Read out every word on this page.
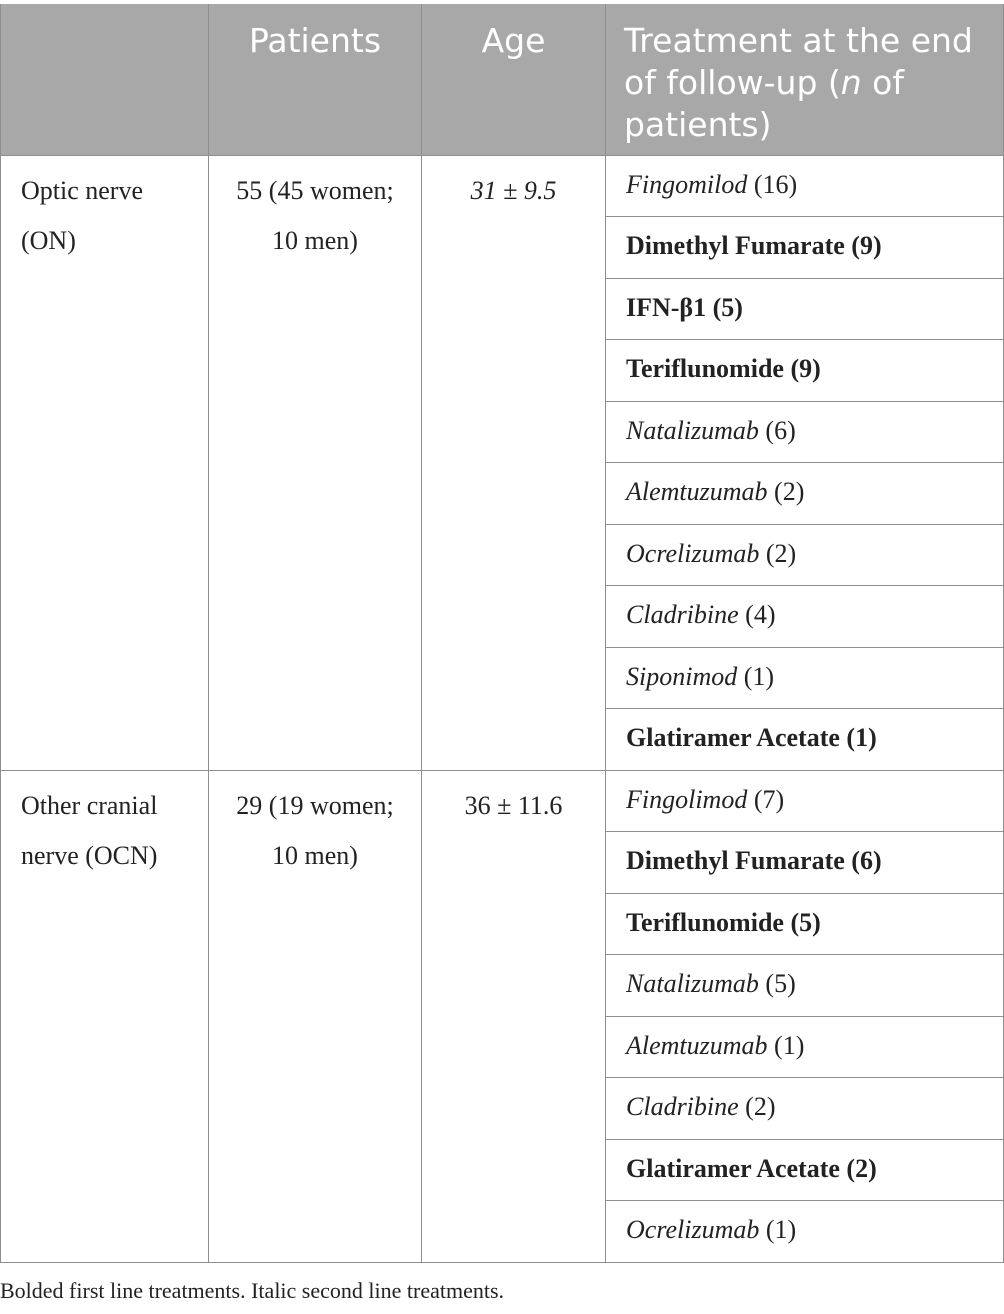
	Patients	Age	Treatment at the end of follow-up (n of patients)
Optic nerve (ON)	55 (45 women; 10 men)	31 ± 9.5	Fingomilod (16)
			Dimethyl Fumarate (9)
			IFN-β1 (5)
			Teriflunomide (9)
			Natalizumab (6)
			Alemtuzumab (2)
			Ocrelizumab (2)
			Cladribine (4)
			Siponimod (1)
			Glatiramer Acetate (1)
Other cranial nerve (OCN)	29 (19 women; 10 men)	36 ± 11.6	Fingolimod (7)
			Dimethyl Fumarate (6)
			Teriflunomide (5)
			Natalizumab (5)
			Alemtuzumab (1)
			Cladribine (2)
			Glatiramer Acetate (2)
			Ocrelizumab (1)
Bolded first line treatments. Italic second line treatments.
